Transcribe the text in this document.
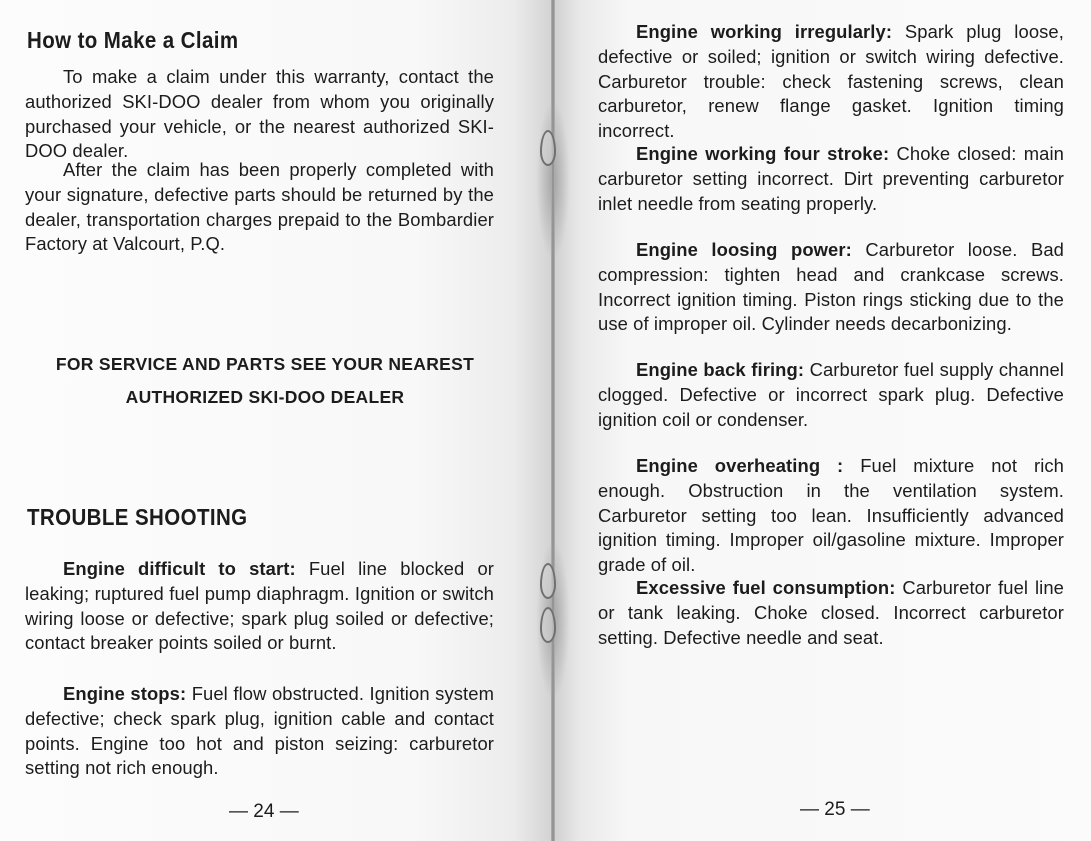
How to Make a Claim
To make a claim under this warranty, contact the authorized SKI-DOO dealer from whom you originally purchased your vehicle, or the nearest authorized SKI-DOO dealer.
After the claim has been properly completed with your signature, defective parts should be returned by the dealer, transportation charges prepaid to the Bombardier Factory at Valcourt, P.Q.
FOR SERVICE AND PARTS SEE YOUR NEAREST
AUTHORIZED SKI-DOO DEALER
TROUBLE SHOOTING
Engine difficult to start: Fuel line blocked or leaking; ruptured fuel pump diaphragm. Ignition or switch wiring loose or defective; spark plug soiled or defective; contact breaker points soiled or burnt.
Engine stops: Fuel flow obstructed. Ignition system defective; check spark plug, ignition cable and contact points. Engine too hot and piston seizing: carburetor setting not rich enough.
— 24 —
Engine working irregularly: Spark plug loose, defective or soiled; ignition or switch wiring defective. Carburetor trouble: check fastening screws, clean carburetor, renew flange gasket. Ignition timing incorrect.
Engine working four stroke: Choke closed: main carburetor setting incorrect. Dirt preventing carburetor inlet needle from seating properly.
Engine loosing power: Carburetor loose. Bad compression: tighten head and crankcase screws. Incorrect ignition timing. Piston rings sticking due to the use of improper oil. Cylinder needs decarbonizing.
Engine back firing: Carburetor fuel supply channel clogged. Defective or incorrect spark plug. Defective ignition coil or condenser.
Engine overheating : Fuel mixture not rich enough. Obstruction in the ventilation system. Carburetor setting too lean. Insufficiently advanced ignition timing. Improper oil/gasoline mixture. Improper grade of oil.
Excessive fuel consumption: Carburetor fuel line or tank leaking. Choke closed. Incorrect carburetor setting. Defective needle and seat.
— 25 —
